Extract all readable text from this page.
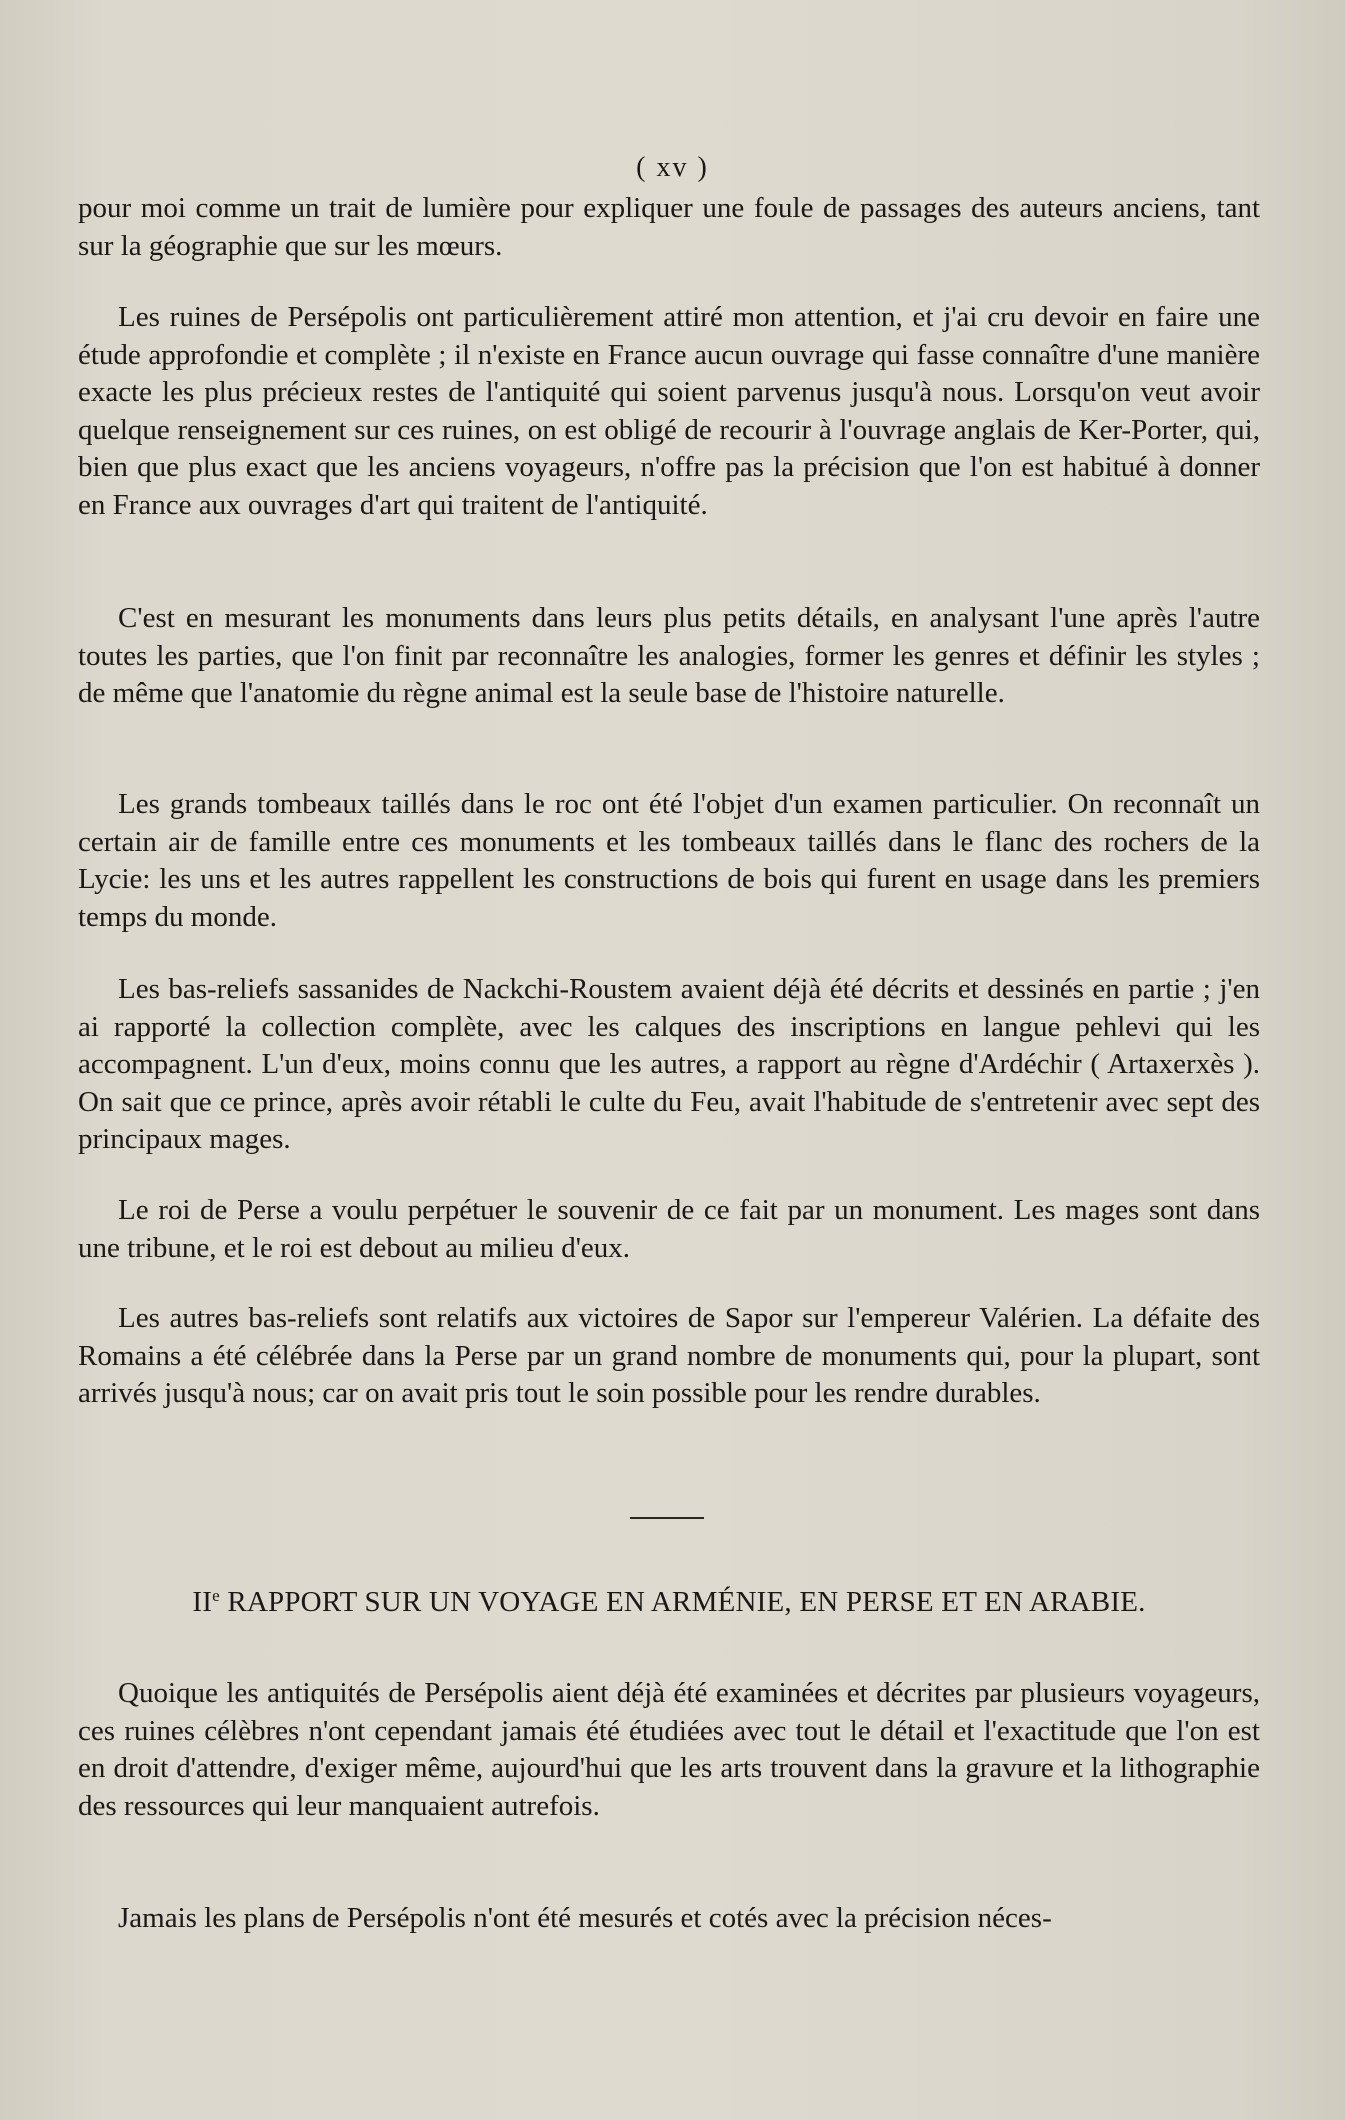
( xv )

pour moi comme un trait de lumière pour expliquer une foule de passages des auteurs anciens, tant sur la géographie que sur les mœurs.

Les ruines de Persépolis ont particulièrement attiré mon attention, et j'ai cru devoir en faire une étude approfondie et complète ; il n'existe en France aucun ouvrage qui fasse connaître d'une manière exacte les plus précieux restes de l'antiquité qui soient parvenus jusqu'à nous. Lorsqu'on veut avoir quelque renseignement sur ces ruines, on est obligé de recourir à l'ouvrage anglais de Ker-Porter, qui, bien que plus exact que les anciens voyageurs, n'offre pas la précision que l'on est habitué à donner en France aux ouvrages d'art qui traitent de l'antiquité.

C'est en mesurant les monuments dans leurs plus petits détails, en analysant l'une après l'autre toutes les parties, que l'on finit par reconnaître les analogies, former les genres et définir les styles ; de même que l'anatomie du règne animal est la seule base de l'histoire naturelle.

Les grands tombeaux taillés dans le roc ont été l'objet d'un examen particulier. On reconnaît un certain air de famille entre ces monuments et les tombeaux taillés dans le flanc des rochers de la Lycie: les uns et les autres rappellent les constructions de bois qui furent en usage dans les premiers temps du monde.

Les bas-reliefs sassanides de Nackchi-Roustem avaient déjà été décrits et dessinés en partie ; j'en ai rapporté la collection complète, avec les calques des inscriptions en langue pehlevi qui les accompagnent. L'un d'eux, moins connu que les autres, a rapport au règne d'Ardéchir ( Artaxerxès ). On sait que ce prince, après avoir rétabli le culte du Feu, avait l'habitude de s'entretenir avec sept des principaux mages.

Le roi de Perse a voulu perpétuer le souvenir de ce fait par un monument. Les mages sont dans une tribune, et le roi est debout au milieu d'eux.

Les autres bas-reliefs sont relatifs aux victoires de Sapor sur l'empereur Valérien. La défaite des Romains a été célébrée dans la Perse par un grand nombre de monuments qui, pour la plupart, sont arrivés jusqu'à nous; car on avait pris tout le soin possible pour les rendre durables.

IIe RAPPORT SUR UN VOYAGE EN ARMÉNIE, EN PERSE ET EN ARABIE.

Quoique les antiquités de Persépolis aient déjà été examinées et décrites par plusieurs voyageurs, ces ruines célèbres n'ont cependant jamais été étudiées avec tout le détail et l'exactitude que l'on est en droit d'attendre, d'exiger même, aujourd'hui que les arts trouvent dans la gravure et la lithographie des ressources qui leur manquaient autrefois.

Jamais les plans de Persépolis n'ont été mesurés et cotés avec la précision néces-
